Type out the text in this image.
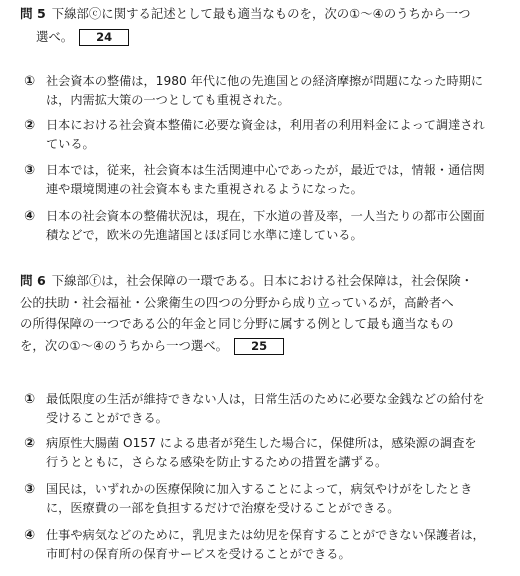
問 5 下線部ⓒに関する記述として最も適当なものを，次の①～④のうちから一つ
選べ。 24
① 社会資本の整備は，1980 年代に他の先進国との経済摩擦が問題になった時期には，内需拡大策の一つとしても重視された。
② 日本における社会資本整備に必要な資金は，利用者の利用料金によって調達されている。
③ 日本では，従来，社会資本は生活関連中心であったが，最近では，情報・通信関連や環境関連の社会資本もまた重視されるようになった。
④ 日本の社会資本の整備状況は，現在，下水道の普及率，一人当たりの都市公園面積などで，欧米の先進諸国とほぼ同じ水準に達している。
問 6 下線部ⓕは，社会保障の一環である。日本における社会保障は，社会保険・
公的扶助・社会福祉・公衆衛生の四つの分野から成り立っているが，高齢者へ
の所得保障の一つである公的年金と同じ分野に属する例として最も適当なもの
を，次の①～④のうちから一つ選べ。 25
① 最低限度の生活が維持できない人は，日常生活のために必要な金銭などの給付を受けることができる。
② 病原性大腸菌 O157 による患者が発生した場合に，保健所は，感染源の調査を行うとともに，さらなる感染を防止するための措置を講ずる。
③ 国民は，いずれかの医療保険に加入することによって，病気やけがをしたときに，医療費の一部を負担するだけで治療を受けることができる。
④ 仕事や病気などのために，乳児または幼児を保育することができない保護者は，市町村の保育所の保育サービスを受けることができる。
